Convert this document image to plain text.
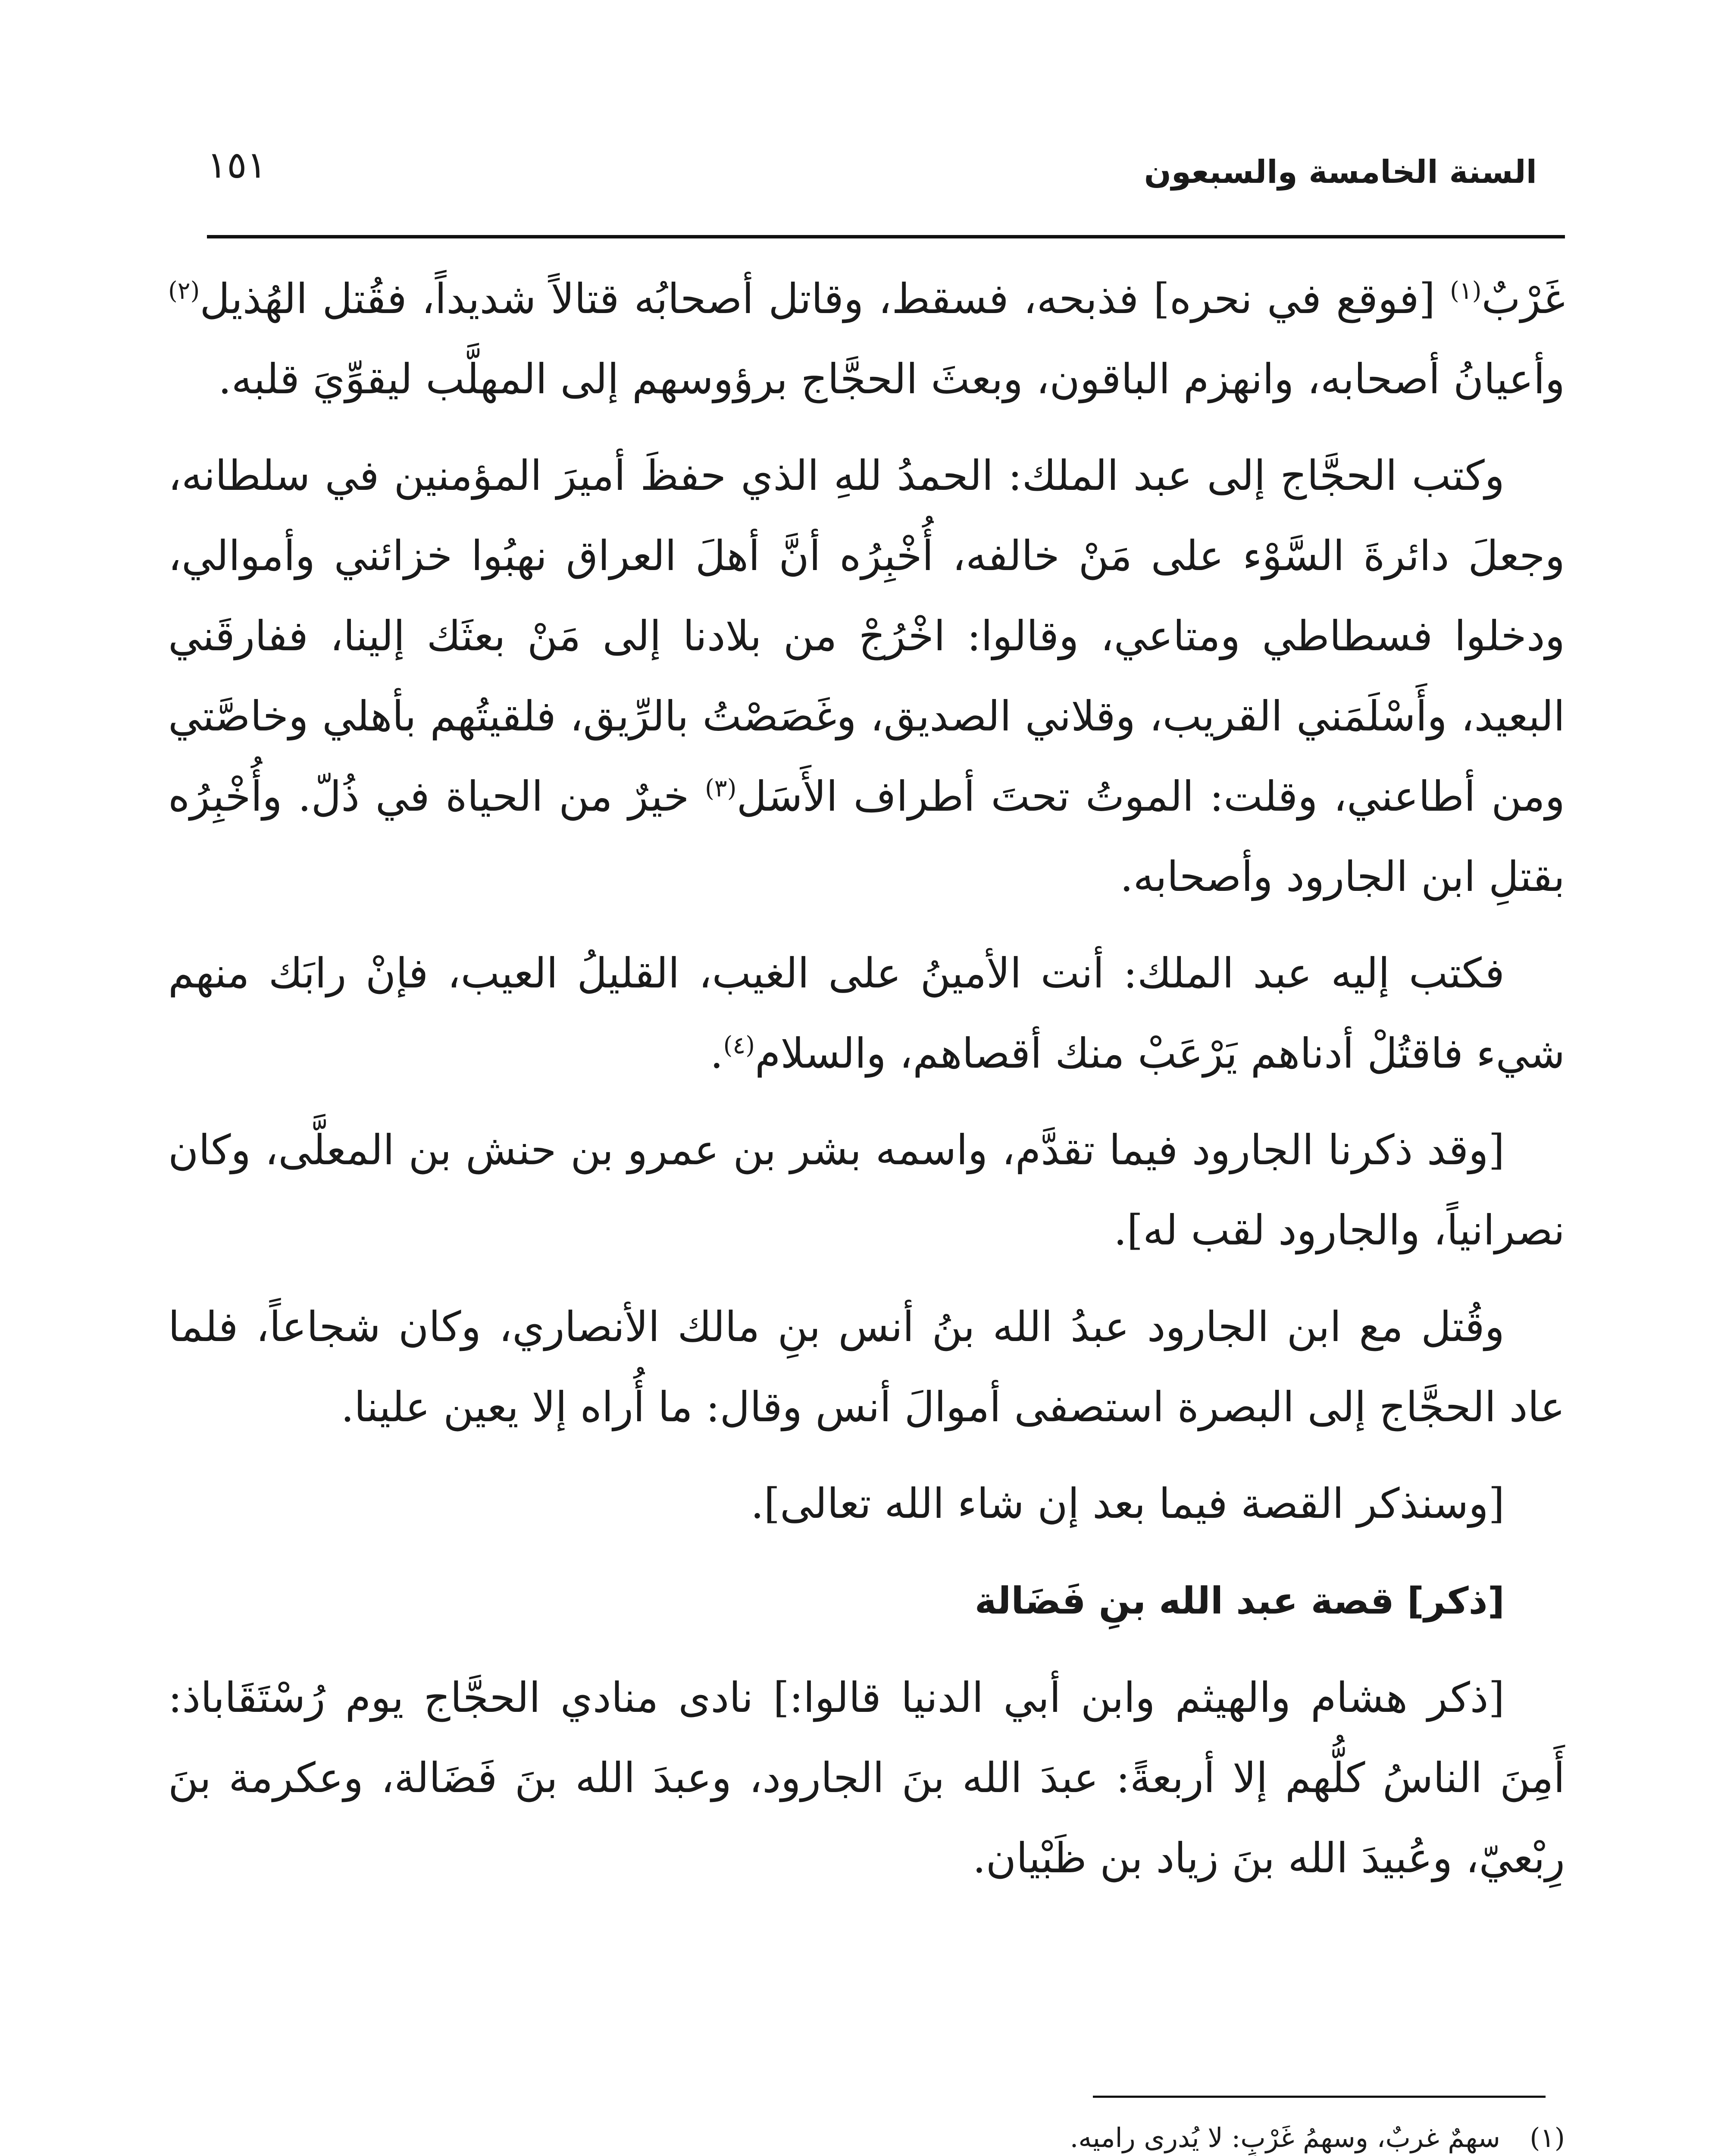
السنة الخامسة والسبعون
١٥١

غَرْبٌ$^{(١)}$ [فوقع في نحره] فذبحه، فسقط، وقاتل أصحابُه قتالاً شديداً، فقُتل الهُذيل$^{(٢)}$ وأعيانُ أصحابه، وانهزم الباقون، وبعثَ الحجَّاج برؤوسهم إلى المهلَّب ليقوِّيَ قلبه.

وكتب الحجَّاج إلى عبد الملك: الحمدُ للهِ الذي حفظَ أميرَ المؤمنين في سلطانه، وجعلَ دائرةَ السَّوْء على مَنْ خالفه، أُخْبِرُه أنَّ أهلَ العراق نهبُوا خزائني وأموالي، ودخلوا فسطاطي ومتاعي، وقالوا: اخْرُجْ من بلادنا إلى مَنْ بعثَك إلينا، ففارقَني البعيد، وأَسْلَمَني القريب، وقلاني الصديق، وغَصَصْتُ بالرِّيق، فلقيتُهم بأهلي وخاصَّتي ومن أطاعني، وقلت: الموتُ تحتَ أطراف الأَسَل$^{(٣)}$ خيرٌ من الحياة في ذُلّ. وأُخْبِرُه بقتلِ ابن الجارود وأصحابه.

فكتب إليه عبد الملك: أنت الأمينُ على الغيب، القليلُ العيب، فإنْ رابَك منهم شيء فاقتُلْ أدناهم يَرْعَبْ منك أقصاهم، والسلام$^{(٤)}$.

[وقد ذكرنا الجارود فيما تقدَّم، واسمه بشر بن عمرو بن حنش بن المعلَّى، وكان نصرانياً، والجارود لقب له].

وقُتل مع ابن الجارود عبدُ الله بنُ أنس بنِ مالك الأنصاري، وكان شجاعاً، فلما عاد الحجَّاج إلى البصرة استصفى أموالَ أنس وقال: ما أُراه إلا يعين علينا.

[وسنذكر القصة فيما بعد إن شاء الله تعالى].

[ذكر] قصة عبد الله بنِ فَضَالة

[ذكر هشام والهيثم وابن أبي الدنيا قالوا:] نادى منادي الحجَّاج يوم رُسْتَقَاباذ: أَمِنَ الناسُ كلُّهم إلا أربعةً: عبدَ الله بنَ الجارود، وعبدَ الله بنَ فَضَالة، وعكرمة بنَ رِبْعيّ، وعُبيدَ الله بنَ زياد بن ظَبْيان.

(١)سهمٌ غربٌ، وسهمُ غَرْبٍ: لا يُدرى راميه.
